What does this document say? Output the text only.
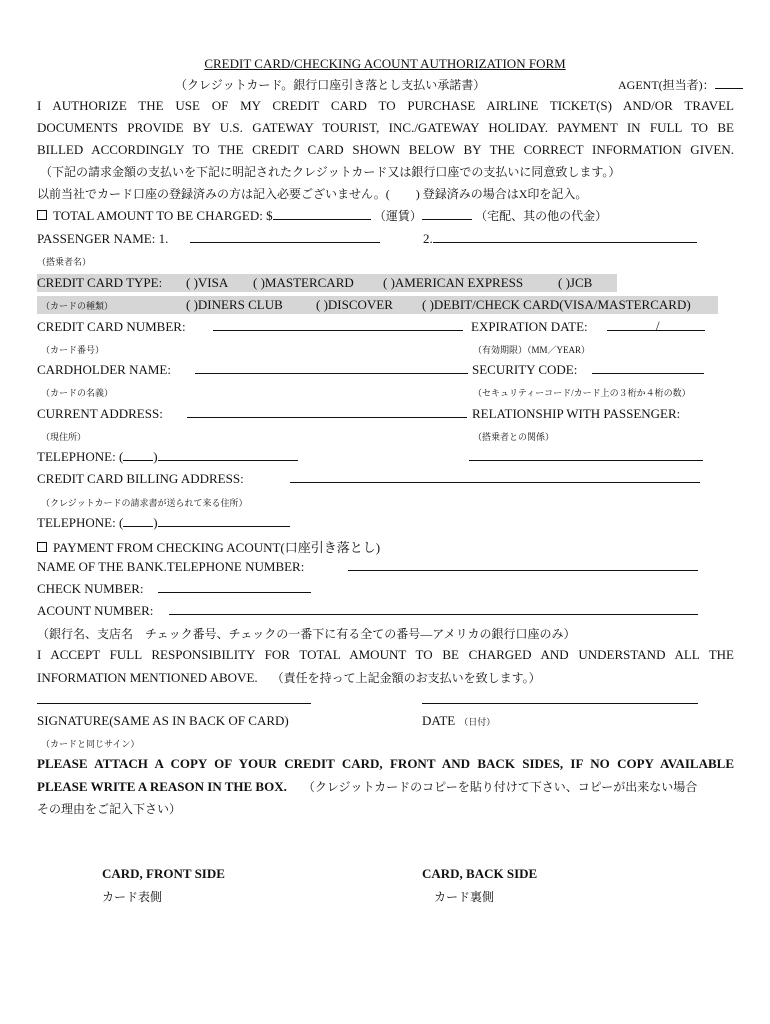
CREDIT CARD/CHECKING ACOUNT AUTHORIZATION FORM
（クレジットカード。銀行口座引き落とし支払い承諾書）	AGENT(担当者)：
I AUTHORIZE THE USE OF MY CREDIT CARD TO PURCHASE AIRLINE TICKET(S) AND/OR TRAVEL
DOCUMENTS PROVIDE BY U.S. GATEWAY TOURIST, INC./GATEWAY HOLIDAY. PAYMENT IN FULL TO BE
BILLED ACCORDINGLY TO THE CREDIT CARD SHOWN BELOW BY THE CORRECT INFORMATION GIVEN.
（下記の請求金額の支払いを下記に明記されたクレジットカード又は銀行口座での支払いに同意致します。）
以前当社でカード口座の登録済みの方は記入必要ございません。( ) 登録済みの場合はX印を記入。
TOTAL AMOUNT TO BE CHARGED: $	（運賃）	（宅配、其の他の代金）
PASSENGER NAME: 1.	2.
（搭乗者名）
CREDIT CARD TYPE: ( )VISA ( )MASTERCARD ( )AMERICAN EXPRESS	( )JCB
（カードの種類）	( )DINERS CLUB	( )DISCOVER ( )DEBIT/CHECK CARD(VISA/MASTERCARD)
CREDIT CARD NUMBER:	EXPIRATION DATE:	/
（カード番号）	（有効期限）（MM／YEAR）
CARDHOLDER NAME:	SECURITY CODE:
（カードの名義）	（セキュリティーコード/カード上の３桁か４桁の数）
CURRENT ADDRESS:	RELATIONSHIP WITH PASSENGER:
（現住所）	（搭乗者との関係）
TELEPHONE: ( )
CREDIT CARD BILLING ADDRESS:
（クレジットカードの請求書が送られて来る住所）
TELEPHONE: ( )
PAYMENT FROM CHECKING ACOUNT(口座引き落とし)
NAME OF THE BANK.TELEPHONE NUMBER:
CHECK NUMBER:
ACOUNT NUMBER:
（銀行名、支店名　チェック番号、チェックの一番下に有る全ての番号―アメリカの銀行口座のみ）
I ACCEPT FULL RESPONSIBILITY FOR TOTAL AMOUNT TO BE CHARGED AND UNDERSTAND ALL THE
INFORMATION MENTIONED ABOVE. （責任を持って上記金額のお支払いを致します。）
SIGNATURE(SAME AS IN BACK OF CARD)	DATE （日付）
（カードと同じサイン）
PLEASE ATTACH A COPY OF YOUR CREDIT CARD, FRONT AND BACK SIDES, IF NO COPY AVAILABLE
PLEASE WRITE A REASON IN THE BOX. （クレジットカードのコピーを貼り付けて下さい、コピーが出来ない場合
その理由をご記入下さい）
CARD, FRONT SIDE
カード表側
CARD, BACK SIDE
カード裏側
